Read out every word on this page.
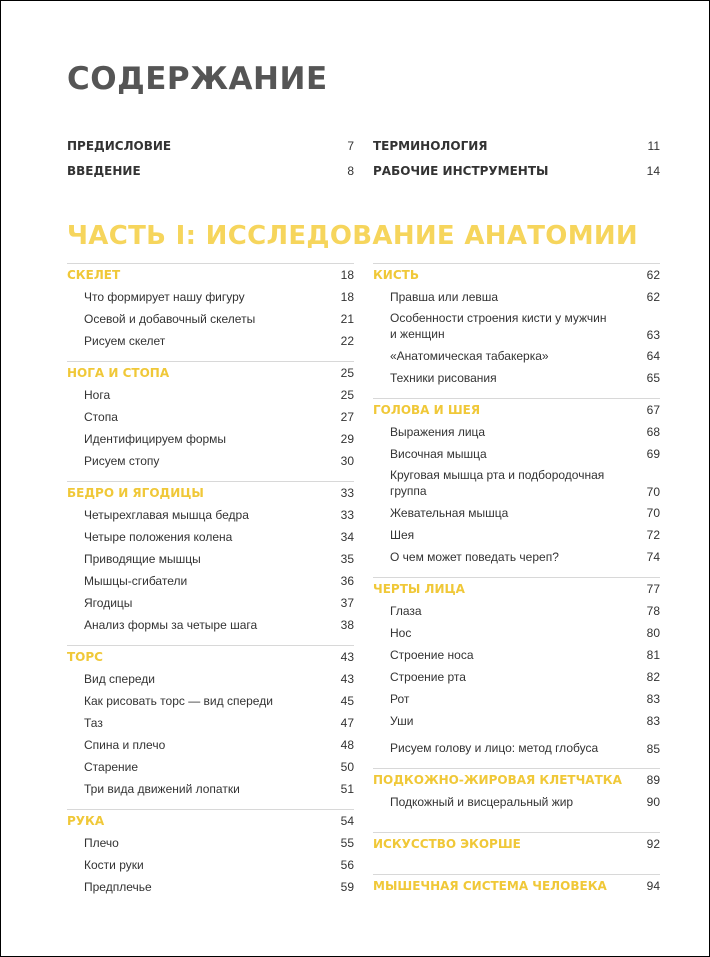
СОДЕРЖАНИЕ
ПРЕДИСЛОВИЕ	7
ВВЕДЕНИЕ	8
ТЕРМИНОЛОГИЯ	11
РАБОЧИЕ ИНСТРУМЕНТЫ	14
ЧАСТЬ I: ИССЛЕДОВАНИЕ АНАТОМИИ
СКЕЛЕТ	18
Что формирует нашу фигуру	18
Осевой и добавочный скелеты	21
Рисуем скелет	22
НОГА И СТОПА	25
Нога	25
Стопа	27
Идентифицируем формы	29
Рисуем стопу	30
БЕДРО И ЯГОДИЦЫ	33
Четырехглавая мышца бедра	33
Четыре положения колена	34
Приводящие мышцы	35
Мышцы-сгибатели	36
Ягодицы	37
Анализ формы за четыре шага	38
ТОРС	43
Вид спереди	43
Как рисовать торс — вид спереди	45
Таз	47
Спина и плечо	48
Старение	50
Три вида движений лопатки	51
РУКА	54
Плечо	55
Кости руки	56
Предплечье	59
КИСТЬ	62
Правша или левша	62
Особенности строения кисти у мужчин и женщин	63
«Анатомическая табакерка»	64
Техники рисования	65
ГОЛОВА И ШЕЯ	67
Выражения лица	68
Височная мышца	69
Круговая мышца рта и подбородочная группа	70
Жевательная мышца	70
Шея	72
О чем может поведать череп?	74
ЧЕРТЫ ЛИЦА	77
Глаза	78
Нос	80
Строение носа	81
Строение рта	82
Рот	83
Уши	83
Рисуем голову и лицо: метод глобуса	85
ПОДКОЖНО-ЖИРОВАЯ КЛЕТЧАТКА 89
Подкожный и висцеральный жир	90
ИСКУССТВО ЭКОРШЕ	92
МЫШЕЧНАЯ СИСТЕМА ЧЕЛОВЕКА	94
